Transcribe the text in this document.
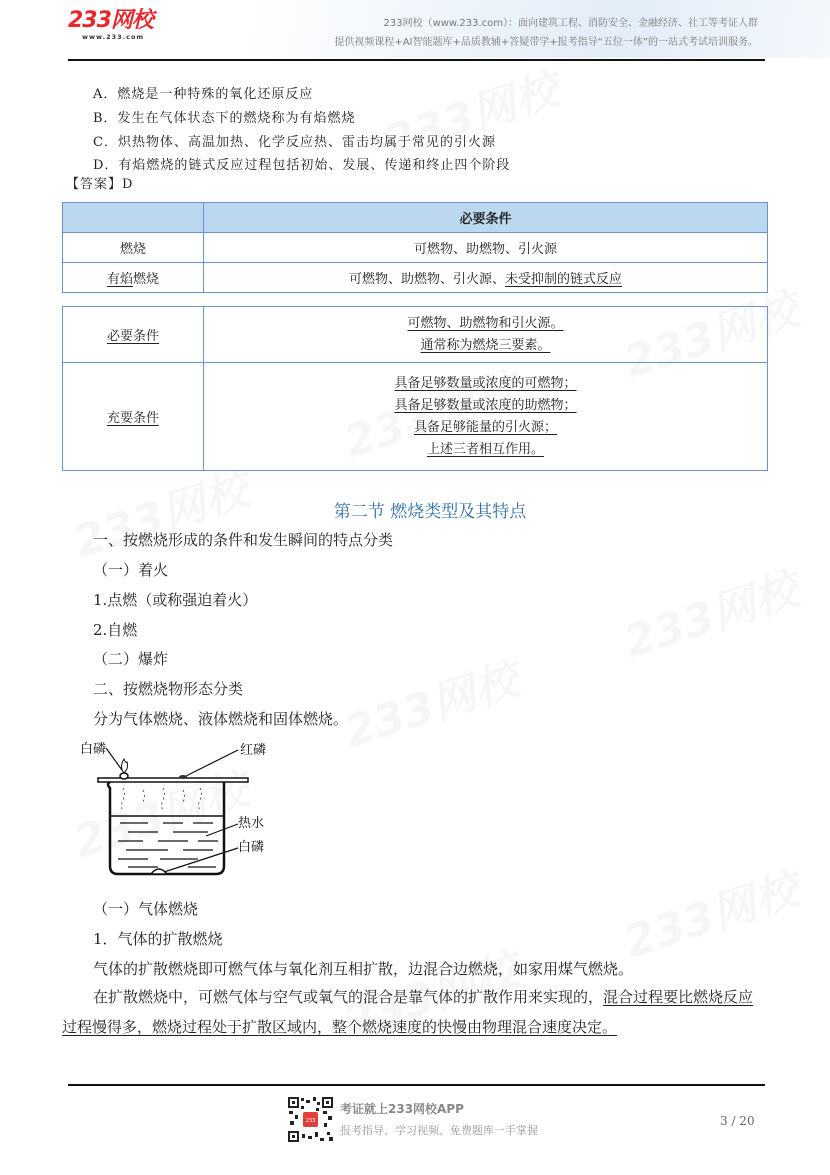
233网校
www.233.com
233网校（www.233.com）：面向建筑工程、消防安全、金融经济、社工等考证人群
提供视频课程+AI智能题库+品质教辅+答疑带学+报考指导“五位一体”的一站式考试培训服务。
A．燃烧是一种特殊的氧化还原反应
B．发生在气体状态下的燃烧称为有焰燃烧
C．炽热物体、高温加热、化学反应热、雷击均属于常见的引火源
D．有焰燃烧的链式反应过程包括初始、发展、传递和终止四个阶段
【答案】D
	必要条件
燃烧	可燃物、助燃物、引火源
有焰燃烧	可燃物、助燃物、引火源、未受抑制的链式反应
必要条件	可燃物、助燃物和引火源。
通常称为燃烧三要素。

充要条件	具备足够数量或浓度的可燃物；
具备足够数量或浓度的助燃物；
具备足够能量的引火源；
上述三者相互作用。
第二节 燃烧类型及其特点
一、按燃烧形成的条件和发生瞬间的特点分类
（一）着火
1.点燃（或称强迫着火）
2.自燃
（二）爆炸
二、按燃烧物形态分类
分为气体燃烧、液体燃烧和固体燃烧。
白磷	红磷
热水
白磷
（一）气体燃烧
1．气体的扩散燃烧
气体的扩散燃烧即可燃气体与氧化剂互相扩散，边混合边燃烧，如家用煤气燃烧。
在扩散燃烧中，可燃气体与空气或氧气的混合是靠气体的扩散作用来实现的，混合过程要比燃烧反应过程慢得多，燃烧过程处于扩散区域内，整个燃烧速度的快慢由物理混合速度决定。
233
考证就上233网校APP
报考指导、学习视频、免费题库一手掌握
3 / 20
